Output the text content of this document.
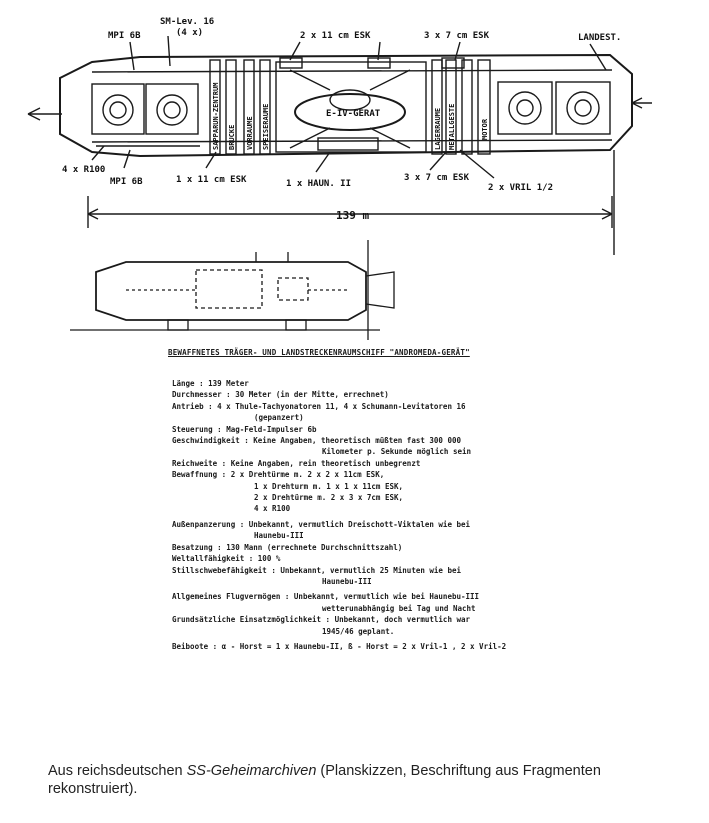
MPI 6B
SM-Lev. 16
(4 x)	2 x 11 cm ESK	3 x 7 cm ESK	LANDEST.
4 x R100
MPI 6B	1 x 11 cm ESK	1 x HAUN. II
3 x 7 cm ESK
2 x VRIL 1/2
E-IV-GERAT
139 m
SAPPARUN-ZENTRUM BRUCKE VORRAUME SPEISERAUME	LAGERRAUME METALLGESTE	MOTOR
BEWAFFNETES TRÄGER- UND LANDSTRECKENRAUMSCHIFF "ANDROMEDA-GERÄT"
Länge : 139 Meter
Durchmesser : 30 Meter (in der Mitte, errechnet)
Antrieb : 4 x Thule-Tachyonatoren 11, 4 x Schumann-Levitatoren 16
(gepanzert)
Steuerung : Mag-Feld-Impulser 6b
Geschwindigkeit : Keine Angaben, theoretisch müßten fast 300 000
Kilometer p. Sekunde möglich sein
Reichweite : Keine Angaben, rein theoretisch unbegrenzt
Bewaffnung : 2 x Drehtürme m. 2 x 2 x 11cm ESK,
1 x Drehturm m. 1 x 1 x 11cm ESK,
2 x Drehtürme m. 2 x 3 x 7cm ESK,
4 x R100
Außenpanzerung : Unbekannt, vermutlich Dreischott-Viktalen wie bei
Haunebu-III
Besatzung : 130 Mann (errechnete Durchschnittszahl)
Weltallfähigkeit : 100 %
Stillschwebefähigkeit : Unbekannt, vermutlich 25 Minuten wie bei
Haunebu-III
Allgemeines Flugvermögen : Unbekannt, vermutlich wie bei Haunebu-III
wetterunabhängig bei Tag und Nacht
Grundsätzliche Einsatzmöglichkeit : Unbekannt, doch vermutlich war
1945/46 geplant.
Beiboote : α - Horst = 1 x Haunebu-II, ß - Horst = 2 x Vril-1 , 2 x Vril-2
Aus reichsdeutschen SS-Geheimarchiven (Planskizzen, Beschriftung aus Fragmenten rekonstruiert).
